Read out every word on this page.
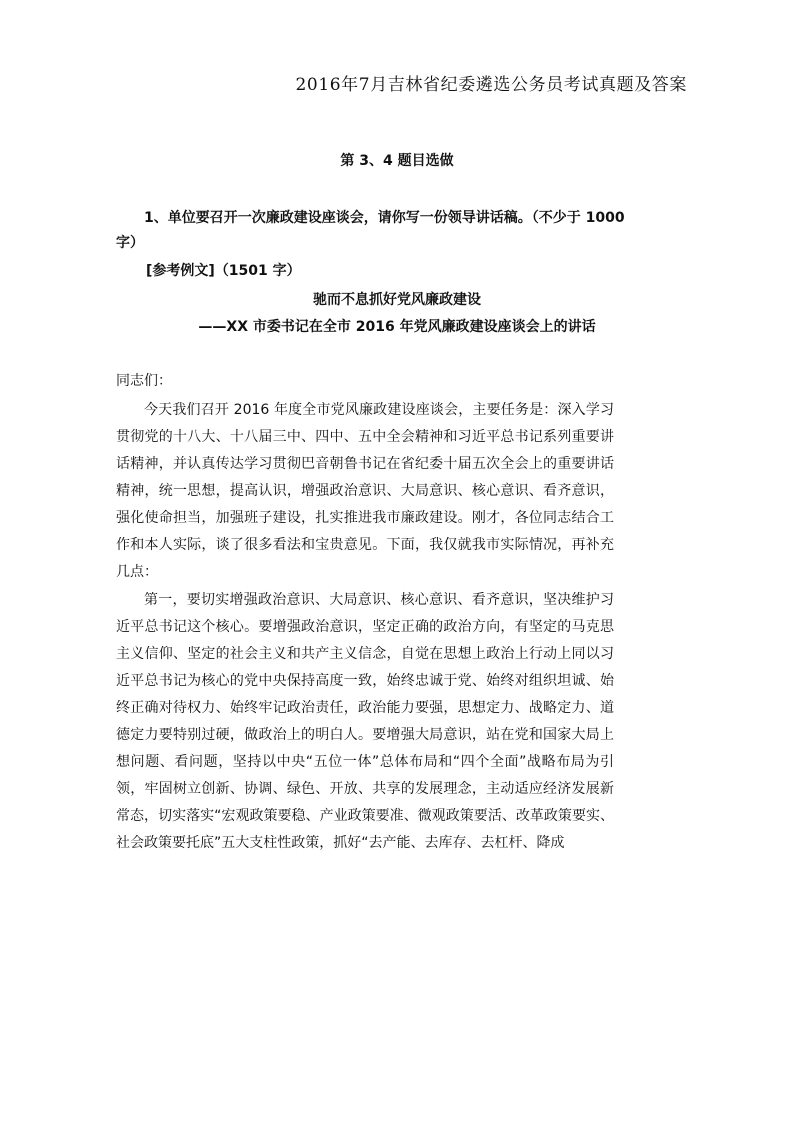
2016年7月吉林省纪委遴选公务员考试真题及答案
第 3、4 题目选做
1、单位要召开一次廉政建设座谈会，请你写一份领导讲话稿。（不少于 1000 字）
[参考例文]（1501 字）
驰而不息抓好党风廉政建设
——XX 市委书记在全市 2016 年党风廉政建设座谈会上的讲话
同志们：
今天我们召开 2016 年度全市党风廉政建设座谈会，主要任务是：深入学习贯彻党的十八大、十八届三中、四中、五中全会精神和习近平总书记系列重要讲话精神，并认真传达学习贯彻巴音朝鲁书记在省纪委十届五次全会上的重要讲话精神，统一思想，提高认识，增强政治意识、大局意识、核心意识、看齐意识，强化使命担当，加强班子建设，扎实推进我市廉政建设。刚才，各位同志结合工作和本人实际，谈了很多看法和宝贵意见。下面，我仅就我市实际情况，再补充几点：
第一，要切实增强政治意识、大局意识、核心意识、看齐意识，坚决维护习近平总书记这个核心。要增强政治意识，坚定正确的政治方向，有坚定的马克思主义信仰、坚定的社会主义和共产主义信念，自觉在思想上政治上行动上同以习近平总书记为核心的党中央保持高度一致，始终忠诚于党、始终对组织坦诚、始终正确对待权力、始终牢记政治责任，政治能力要强，思想定力、战略定力、道德定力要特别过硬，做政治上的明白人。要增强大局意识，站在党和国家大局上想问题、看问题，坚持以中央“五位一体”总体布局和“四个全面”战略布局为引领，牢固树立创新、协调、绿色、开放、共享的发展理念，主动适应经济发展新常态，切实落实“宏观政策要稳、产业政策要准、微观政策要活、改革政策要实、社会政策要托底”五大支柱性政策，抓好“去产能、去库存、去杠杆、降成
